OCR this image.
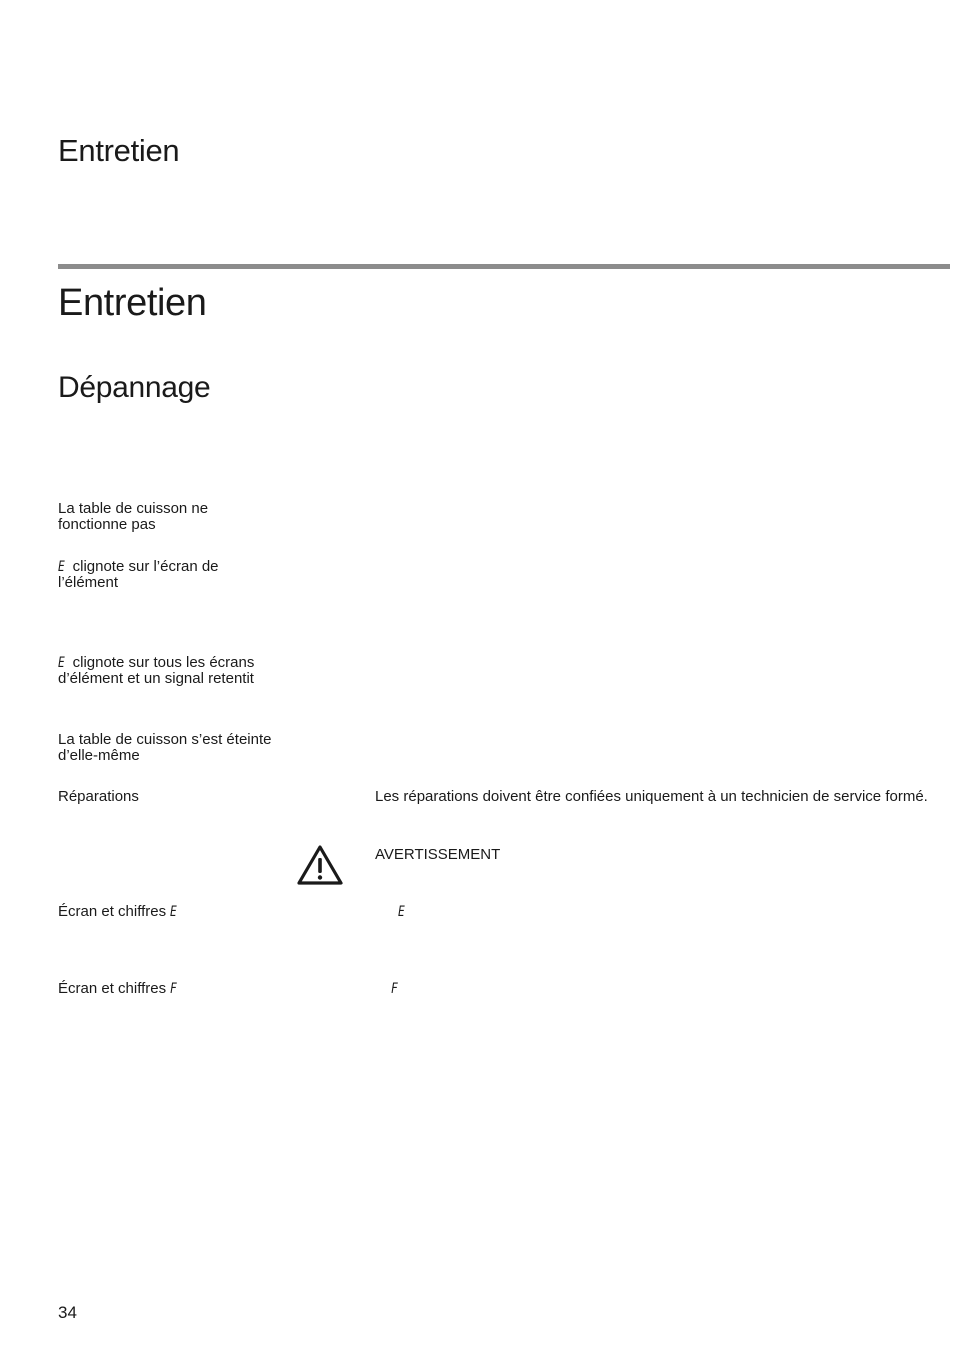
Entretien
Entretien
Dépannage
La table de cuisson ne
fonctionne pas
E clignote sur l’écran de
l’élément
E clignote sur tous les écrans
d’élément et un signal retentit
La table de cuisson s’est éteinte
d’elle-même
Réparations	Les réparations doivent être confiées uniquement à un technicien de service formé.
AVERTISSEMENT
Écran et chiffres E	E
Écran et chiffres F	F
34
